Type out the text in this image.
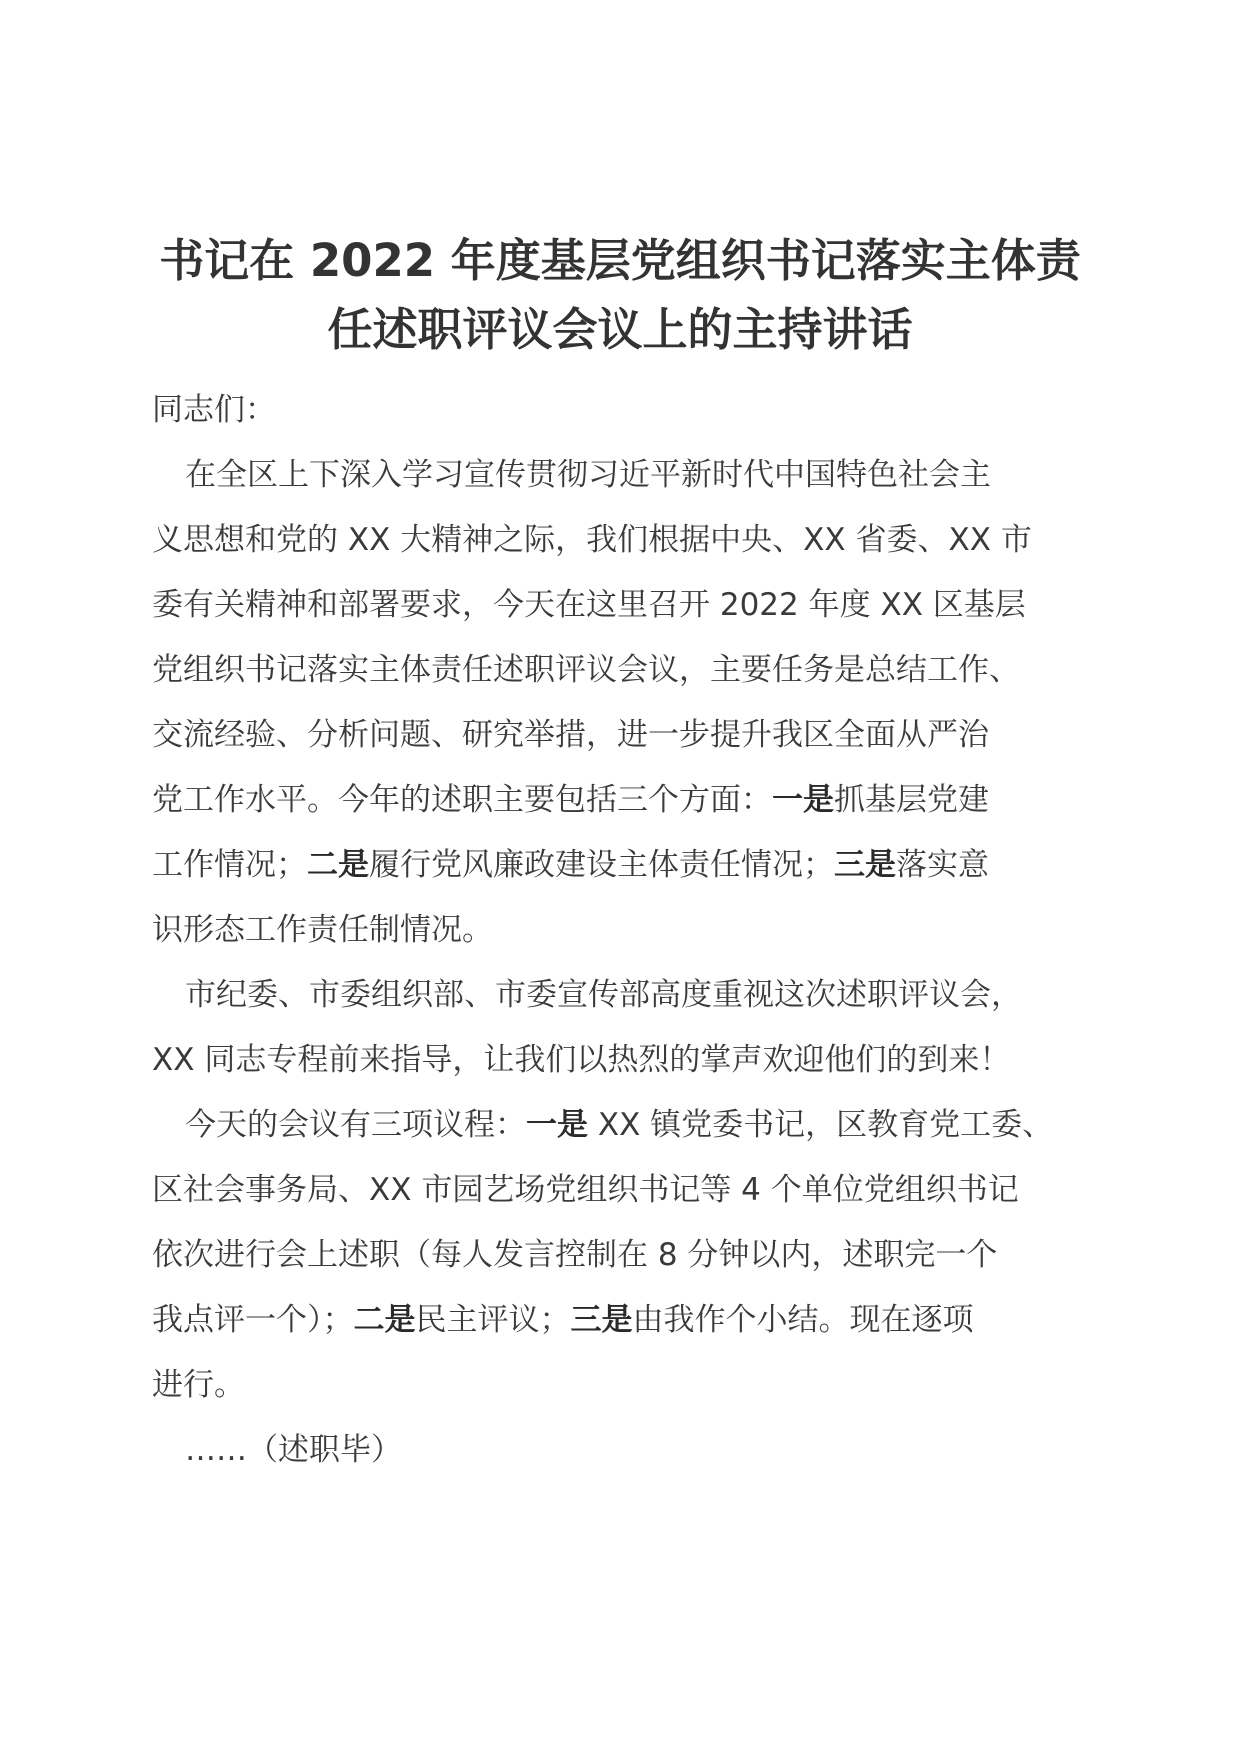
书记在 2022 年度基层党组织书记落实主体责
任述职评议会议上的主持讲话
同志们：
在全区上下深入学习宣传贯彻习近平新时代中国特色社会主
义思想和党的 XX 大精神之际，我们根据中央、XX 省委、XX 市
委有关精神和部署要求，今天在这里召开 2022 年度 XX 区基层
党组织书记落实主体责任述职评议会议，主要任务是总结工作、
交流经验、分析问题、研究举措，进一步提升我区全面从严治
党工作水平。今年的述职主要包括三个方面：一是抓基层党建
工作情况；二是履行党风廉政建设主体责任情况；三是落实意
识形态工作责任制情况。
市纪委、市委组织部、市委宣传部高度重视这次述职评议会，
XX 同志专程前来指导，让我们以热烈的掌声欢迎他们的到来！
今天的会议有三项议程：一是 XX 镇党委书记，区教育党工委、
区社会事务局、XX 市园艺场党组织书记等 4 个单位党组织书记
依次进行会上述职（每人发言控制在 8 分钟以内，述职完一个
我点评一个）；二是民主评议；三是由我作个小结。现在逐项
进行。
……（述职毕）
